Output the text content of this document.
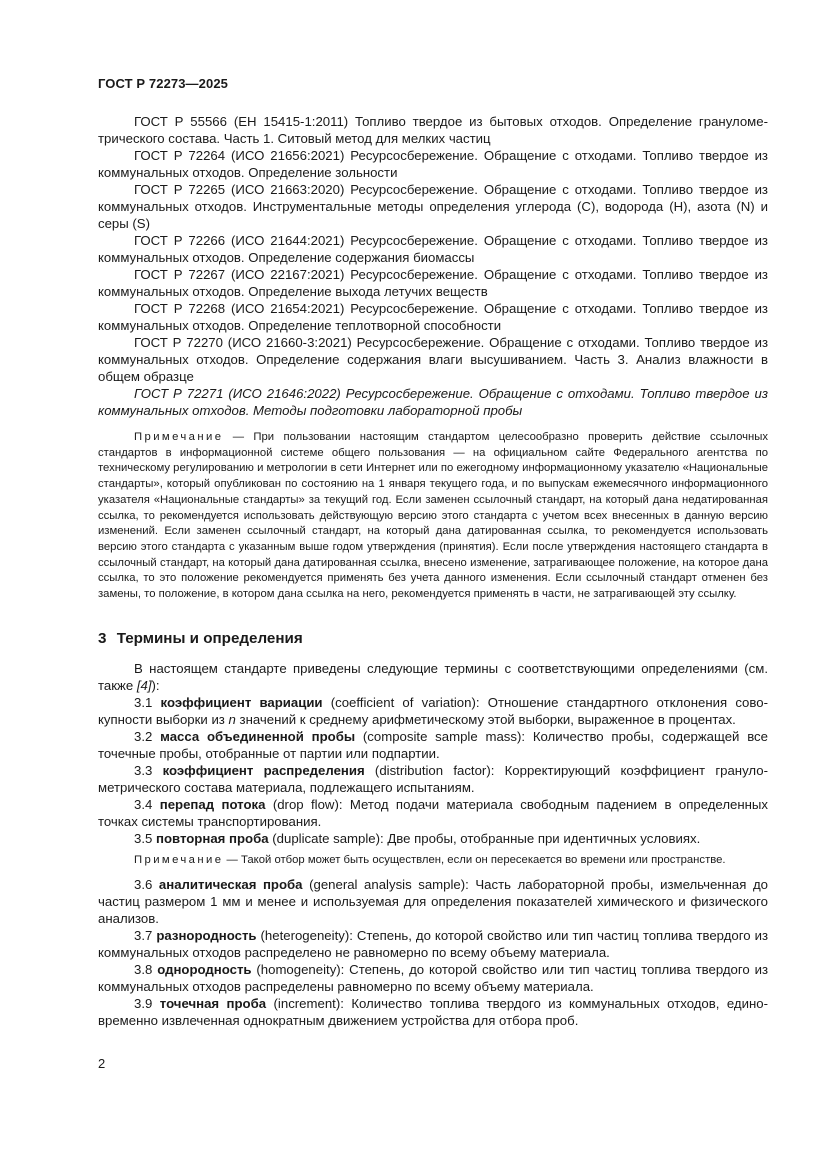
ГОСТ Р 72273—2025

ГОСТ Р 55566 (ЕН 15415-1:2011) Топливо твердое из бытовых отходов. Определение гранулометрического состава. Часть 1. Ситовый метод для мелких частиц

ГОСТ Р 72264 (ИСО 21656:2021) Ресурсосбережение. Обращение с отходами. Топливо твердое из коммунальных отходов. Определение зольности

ГОСТ Р 72265 (ИСО 21663:2020) Ресурсосбережение. Обращение с отходами. Топливо твердое из коммунальных отходов. Инструментальные методы определения углерода (С), водорода (Н), азота (N) и серы (S)

ГОСТ Р 72266 (ИСО 21644:2021) Ресурсосбережение. Обращение с отходами. Топливо твердое из коммунальных отходов. Определение содержания биомассы

ГОСТ Р 72267 (ИСО 22167:2021) Ресурсосбережение. Обращение с отходами. Топливо твердое из коммунальных отходов. Определение выхода летучих веществ

ГОСТ Р 72268 (ИСО 21654:2021) Ресурсосбережение. Обращение с отходами. Топливо твердое из коммунальных отходов. Определение теплотворной способности

ГОСТ Р 72270 (ИСО 21660-3:2021) Ресурсосбережение. Обращение с отходами. Топливо твердое из коммунальных отходов. Определение содержания влаги высушиванием. Часть 3. Анализ влажности в общем образце

ГОСТ Р 72271 (ИСО 21646:2022) Ресурсосбережение. Обращение с отходами. Топливо твердое из коммунальных отходов. Методы подготовки лабораторной пробы

Примечание — При пользовании настоящим стандартом целесообразно проверить действие ссылочных стандартов в информационной системе общего пользования — на официальном сайте Федерального агентства по техническому регулированию и метрологии в сети Интернет или по ежегодному информационному указателю «Национальные стандарты», который опубликован по состоянию на 1 января текущего года, и по выпускам ежемесячного информационного указателя «Национальные стандарты» за текущий год. Если заменен ссылочный стандарт, на который дана недатированная ссылка, то рекомендуется использовать действующую версию этого стандарта с учетом всех внесенных в данную версию изменений. Если заменен ссылочный стандарт, на который дана датированная ссылка, то рекомендуется использовать версию этого стандарта с указанным выше годом утверждения (принятия). Если после утверждения настоящего стандарта в ссылочный стандарт, на который дана датированная ссылка, внесено изменение, затрагивающее положение, на которое дана ссылка, то это положение рекомендуется применять без учета данного изменения. Если ссылочный стандарт отменен без замены, то положение, в котором дана ссылка на него, рекомендуется применять в части, не затрагивающей эту ссылку.
3 Термины и определения

В настоящем стандарте приведены следующие термины с соответствующими определениями (см. также [4]):

3.1 коэффициент вариации (coefficient of variation): Отношение стандартного отклонения совокупности выборки из n значений к среднему арифметическому этой выборки, выраженное в процентах.

3.2 масса объединенной пробы (composite sample mass): Количество пробы, содержащей все точечные пробы, отобранные от партии или подпартии.

3.3 коэффициент распределения (distribution factor): Корректирующий коэффициент гранулометрического состава материала, подлежащего испытаниям.

3.4 перепад потока (drop flow): Метод подачи материала свободным падением в определенных точках системы транспортирования.

3.5 повторная проба (duplicate sample): Две пробы, отобранные при идентичных условиях.

Примечание — Такой отбор может быть осуществлен, если он пересекается во времени или пространстве.

3.6 аналитическая проба (general analysis sample): Часть лабораторной пробы, измельченная до частиц размером 1 мм и менее и используемая для определения показателей химического и физического анализов.

3.7 разнородность (heterogeneity): Степень, до которой свойство или тип частиц топлива твердого из коммунальных отходов распределено не равномерно по всему объему материала.

3.8 однородность (homogeneity): Степень, до которой свойство или тип частиц топлива твердого из коммунальных отходов распределены равномерно по всему объему материала.

3.9 точечная проба (increment): Количество топлива твердого из коммунальных отходов, единовременно извлеченная однократным движением устройства для отбора проб.

2
